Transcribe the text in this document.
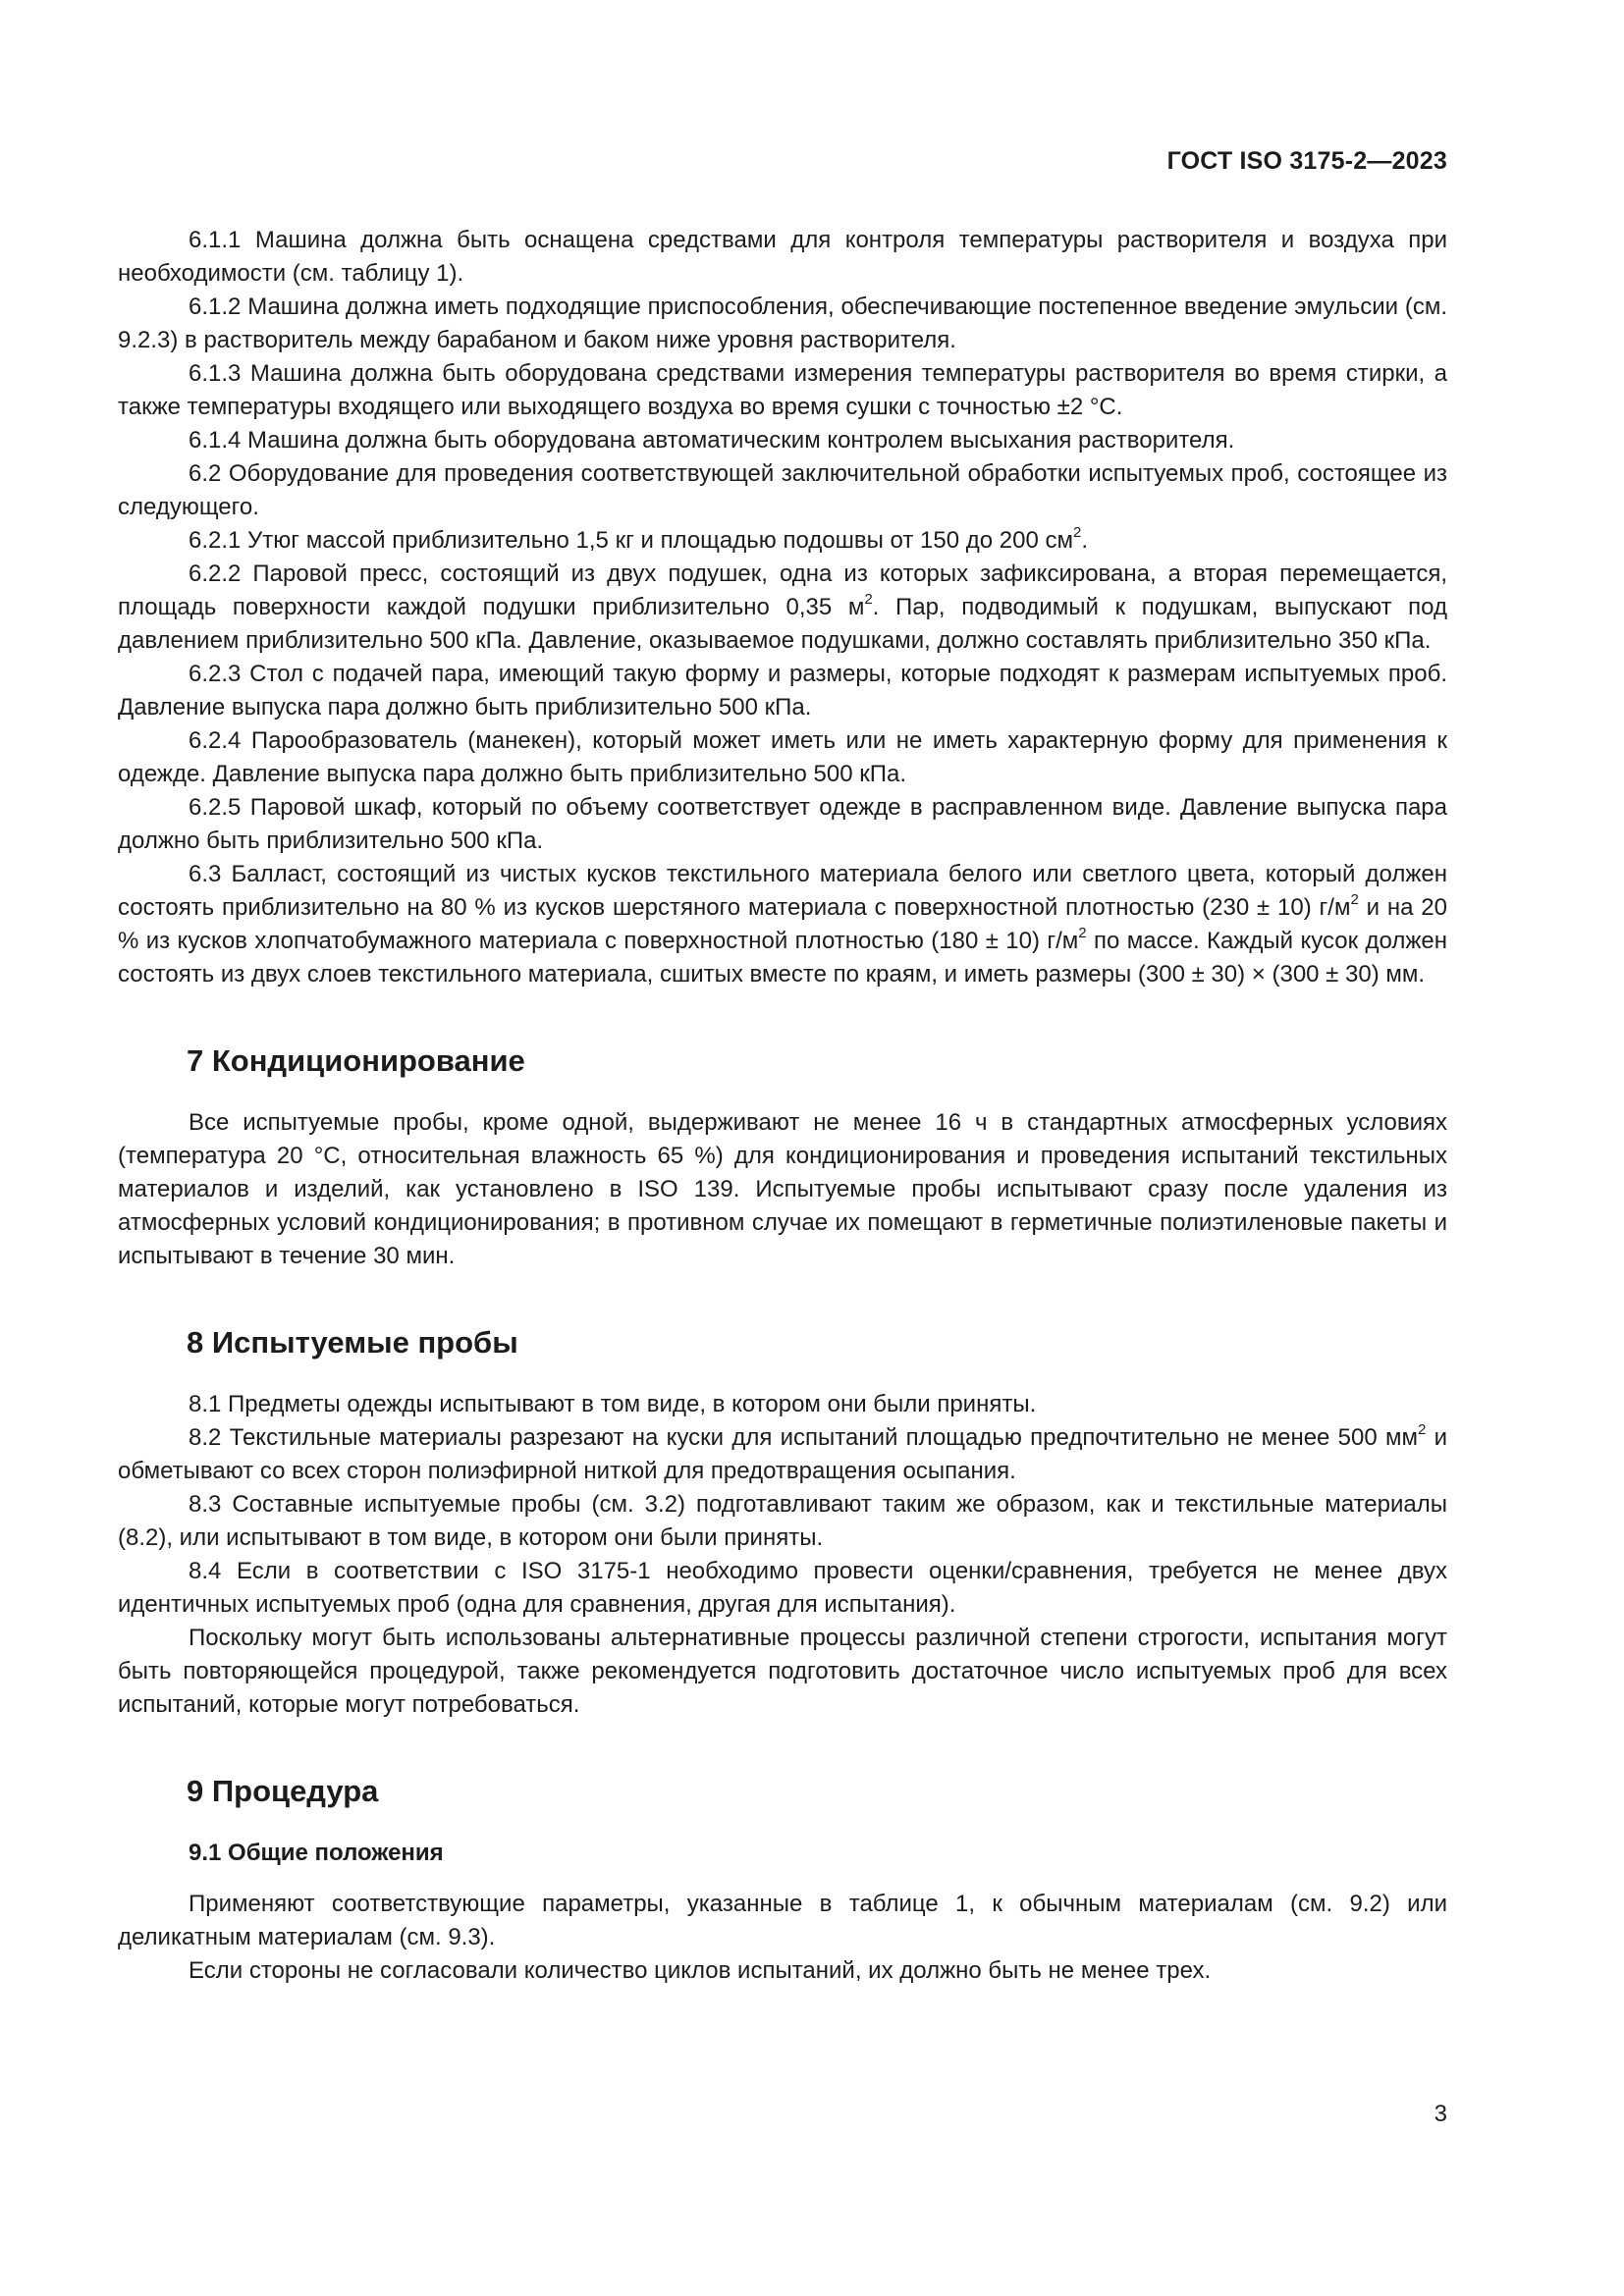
ГОСТ ISO 3175-2—2023

6.1.1 Машина должна быть оснащена средствами для контроля температуры растворителя и воздуха при необходимости (см. таблицу 1).

6.1.2 Машина должна иметь подходящие приспособления, обеспечивающие постепенное введение эмульсии (см. 9.2.3) в растворитель между барабаном и баком ниже уровня растворителя.

6.1.3 Машина должна быть оборудована средствами измерения температуры растворителя во время стирки, а также температуры входящего или выходящего воздуха во время сушки с точностью ±2 °C.

6.1.4 Машина должна быть оборудована автоматическим контролем высыхания растворителя.

6.2 Оборудование для проведения соответствующей заключительной обработки испытуемых проб, состоящее из следующего.

6.2.1 Утюг массой приблизительно 1,5 кг и площадью подошвы от 150 до 200 $см^2$.

6.2.2 Паровой пресс, состоящий из двух подушек, одна из которых зафиксирована, а вторая перемещается, площадь поверхности каждой подушки приблизительно 0,35 $м^2$. Пар, подводимый к подушкам, выпускают под давлением приблизительно 500 кПа. Давление, оказываемое подушками, должно составлять приблизительно 350 кПа.

6.2.3 Стол с подачей пара, имеющий такую форму и размеры, которые подходят к размерам испытуемых проб. Давление выпуска пара должно быть приблизительно 500 кПа.

6.2.4 Парообразователь (манекен), который может иметь или не иметь характерную форму для применения к одежде. Давление выпуска пара должно быть приблизительно 500 кПа.

6.2.5 Паровой шкаф, который по объему соответствует одежде в расправленном виде. Давление выпуска пара должно быть приблизительно 500 кПа.

6.3 Балласт, состоящий из чистых кусков текстильного материала белого или светлого цвета, который должен состоять приблизительно на 80 % из кусков шерстяного материала с поверхностной плотностью (230 ± 10) $г/м^2$ и на 20 % из кусков хлопчатобумажного материала с поверхностной плотностью (180 ± 10) $г/м^2$ по массе. Каждый кусок должен состоять из двух слоев текстильного материала, сшитых вместе по краям, и иметь размеры (300 ± 30) × (300 ± 30) мм.

7 Кондиционирование

Все испытуемые пробы, кроме одной, выдерживают не менее 16 ч в стандартных атмосферных условиях (температура 20 °C, относительная влажность 65 %) для кондиционирования и проведения испытаний текстильных материалов и изделий, как установлено в ISO 139. Испытуемые пробы испытывают сразу после удаления из атмосферных условий кондиционирования; в противном случае их помещают в герметичные полиэтиленовые пакеты и испытывают в течение 30 мин.

8 Испытуемые пробы

8.1 Предметы одежды испытывают в том виде, в котором они были приняты.

8.2 Текстильные материалы разрезают на куски для испытаний площадью предпочтительно не менее 500 $мм^2$ и обметывают со всех сторон полиэфирной ниткой для предотвращения осыпания.

8.3 Составные испытуемые пробы (см. 3.2) подготавливают таким же образом, как и текстильные материалы (8.2), или испытывают в том виде, в котором они были приняты.

8.4 Если в соответствии с ISO 3175-1 необходимо провести оценки/сравнения, требуется не менее двух идентичных испытуемых проб (одна для сравнения, другая для испытания).

Поскольку могут быть использованы альтернативные процессы различной степени строгости, испытания могут быть повторяющейся процедурой, также рекомендуется подготовить достаточное число испытуемых проб для всех испытаний, которые могут потребоваться.

9 Процедура
9.1 Общие положения

Применяют соответствующие параметры, указанные в таблице 1, к обычным материалам (см. 9.2) или деликатным материалам (см. 9.3).

Если стороны не согласовали количество циклов испытаний, их должно быть не менее трех.

3
